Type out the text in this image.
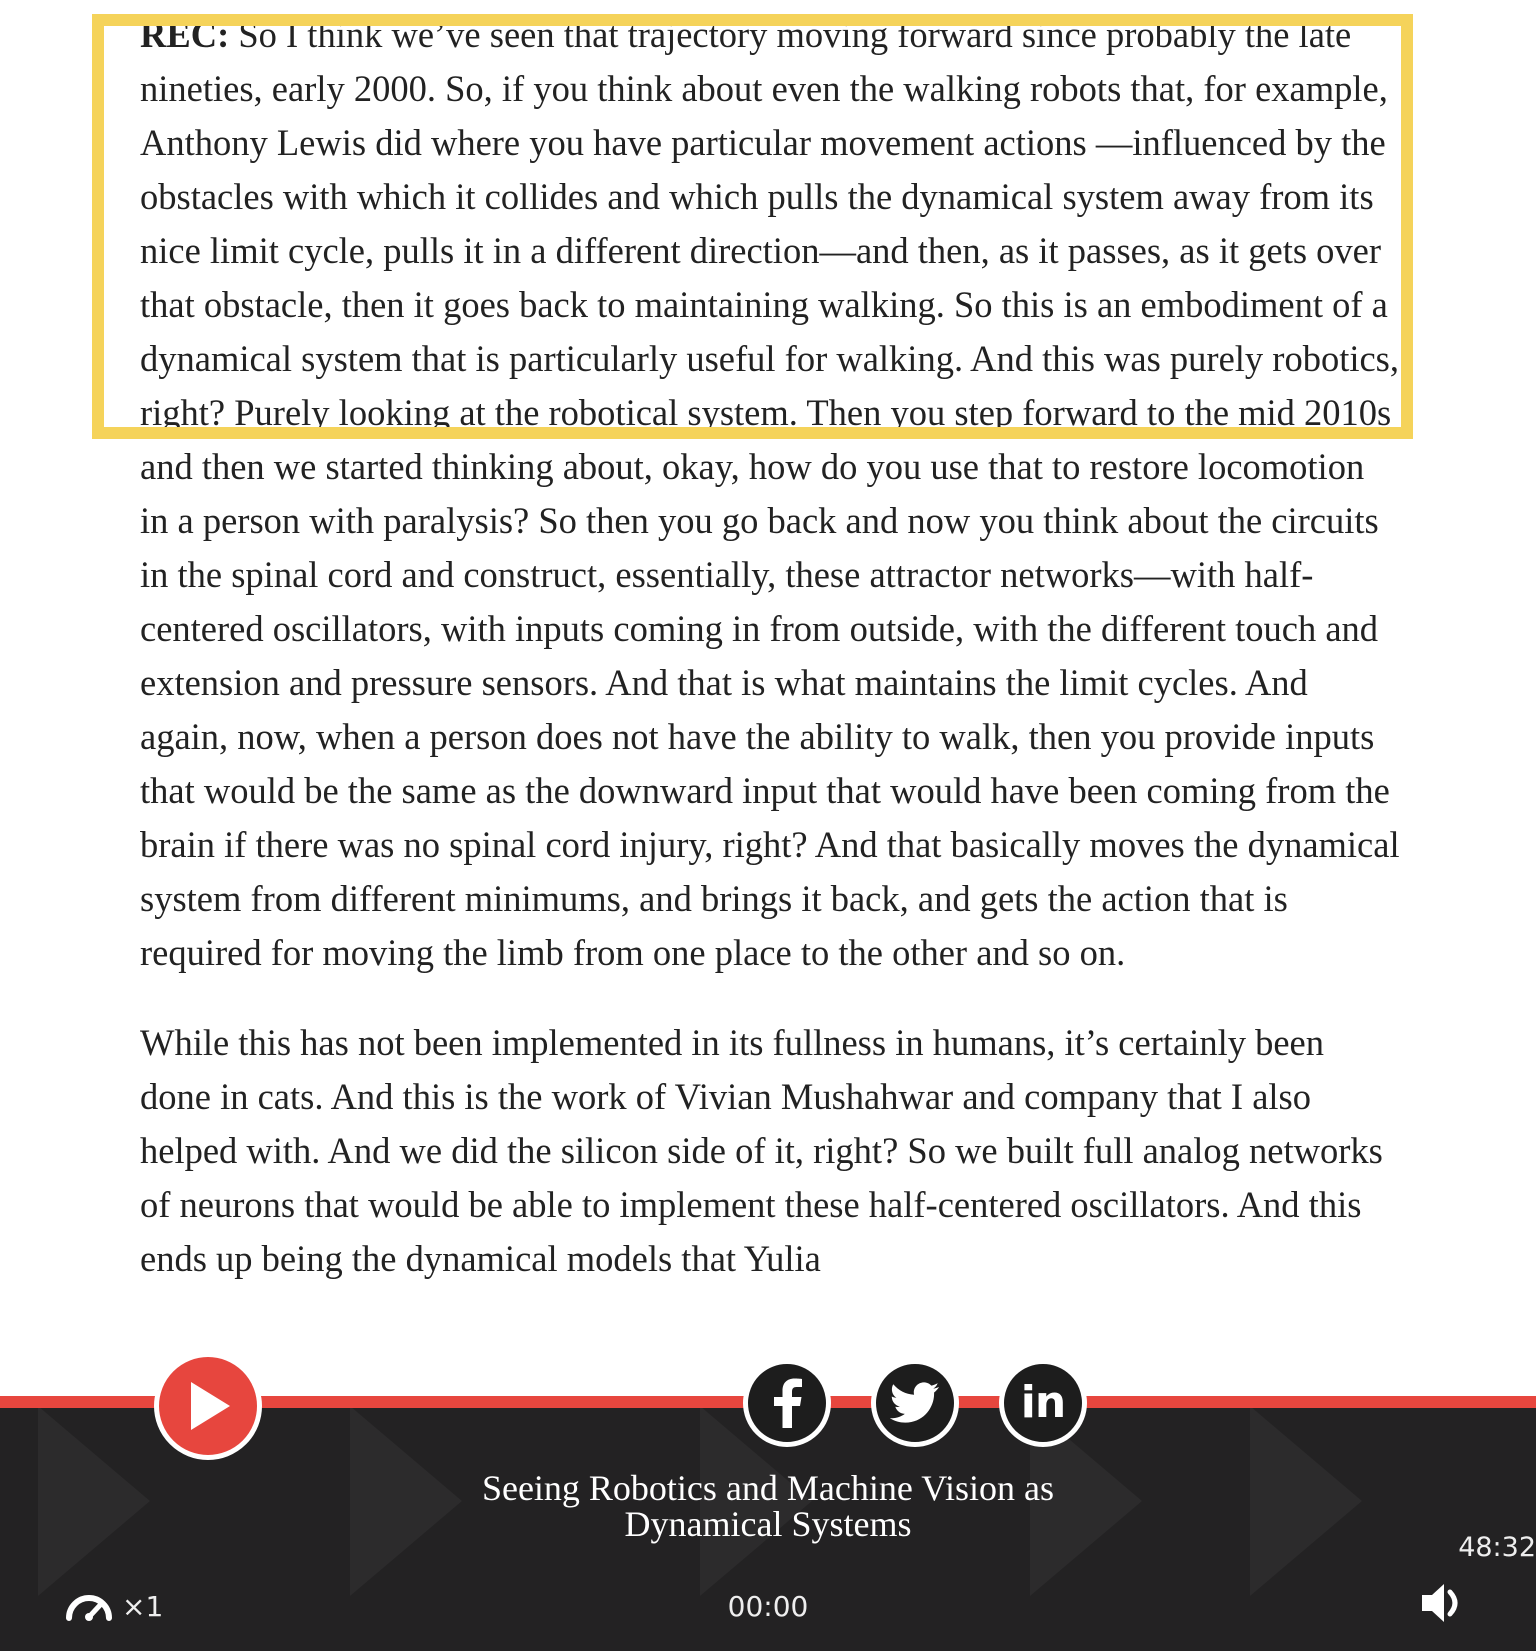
REC: So I think we’ve seen that trajectory moving forward since probably the late nineties, early 2000. So, if you think about even the walking robots that, for example, Anthony Lewis did where you have particular movement actions —influenced by the obstacles with which it collides and which pulls the dynamical system away from its nice limit cycle, pulls it in a different direction—and then, as it passes, as it gets over that obstacle, then it goes back to maintaining walking. So this is an embodiment of a dynamical system that is particularly useful for walking. And this was purely robotics, right? Purely looking at the robotical system. Then you step forward to the mid 2010s and then we started thinking about, okay, how do you use that to restore locomotion in a person with paralysis? So then you go back and now you think about the circuits in the spinal cord and construct, essentially, these attractor networks—with half-centered oscillators, with inputs coming in from outside, with the different touch and extension and pressure sensors. And that is what maintains the limit cycles. And again, now, when a person does not have the ability to walk, then you provide inputs that would be the same as the downward input that would have been coming from the brain if there was no spinal cord injury, right? And that basically moves the dynamical system from different minimums, and brings it back, and gets the action that is required for moving the limb from one place to the other and so on.

While this has not been implemented in its fullness in humans, it’s certainly been done in cats. And this is the work of Vivian Mushahwar and company that I also helped with. And we did the silicon side of it, right? So we built full analog networks of neurons that would be able to implement these half-centered oscillators. And this ends up being the dynamical models that Yulia

in
Seeing Robotics and Machine Vision as Dynamical Systems
48:32
00:00
×1
